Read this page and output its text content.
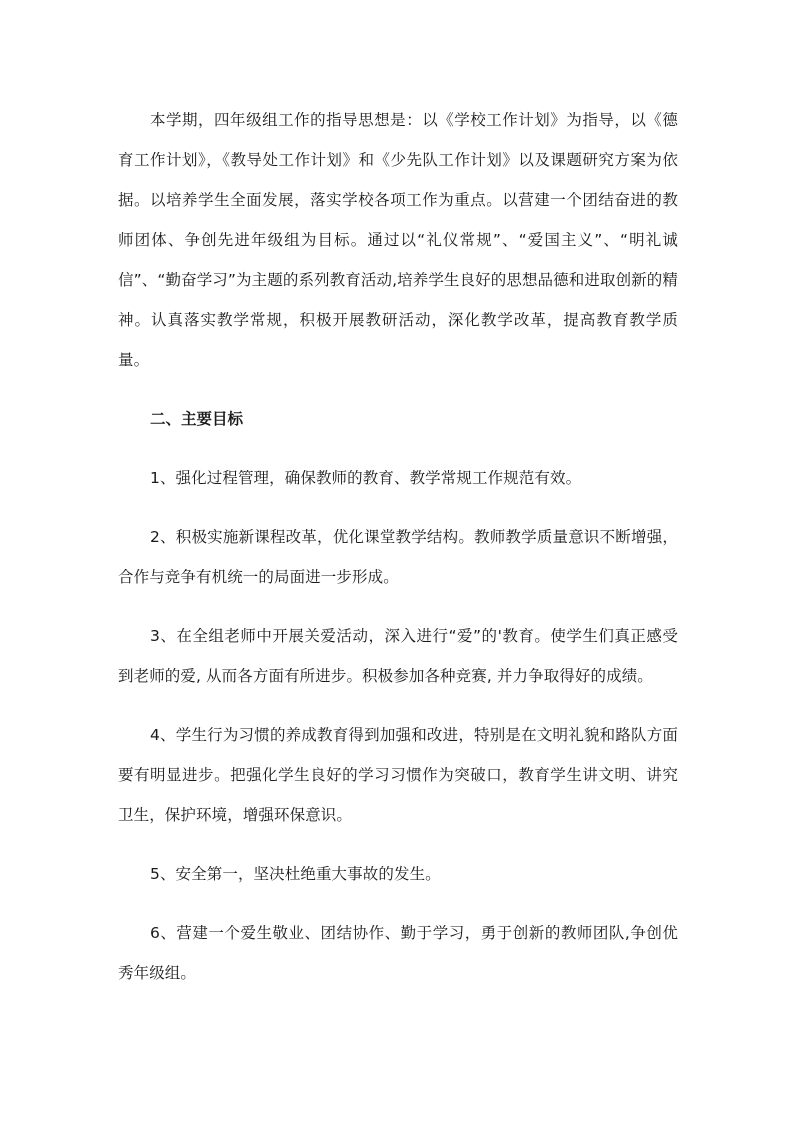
本学期，四年级组工作的指导思想是：以《学校工作计划》为指导，以《德育工作计划》，《教导处工作计划》和《少先队工作计划》以及课题研究方案为依据。以培养学生全面发展，落实学校各项工作为重点。以营建一个团结奋进的教师团体、争创先进年级组为目标。通过以“礼仪常规”、“爱国主义”、“明礼诚信”、“勤奋学习”为主题的系列教育活动,培养学生良好的思想品德和进取创新的精神。认真落实教学常规，积极开展教研活动，深化教学改革，提高教育教学质量。

二、主要目标

1、强化过程管理，确保教师的教育、教学常规工作规范有效。

2、积极实施新课程改革，优化课堂教学结构。教师教学质量意识不断增强，合作与竞争有机统一的局面进一步形成。

3、在全组老师中开展关爱活动，深入进行“爱”的'教育。使学生们真正感受到老师的爱, 从而各方面有所进步。积极参加各种竞赛, 并力争取得好的成绩。

4、学生行为习惯的养成教育得到加强和改进，特别是在文明礼貌和路队方面要有明显进步。把强化学生良好的学习习惯作为突破口，教育学生讲文明、讲究卫生，保护环境，增强环保意识。

5、安全第一，坚决杜绝重大事故的发生。

6、营建一个爱生敬业、团结协作、勤于学习，勇于创新的教师团队,争创优秀年级组。
